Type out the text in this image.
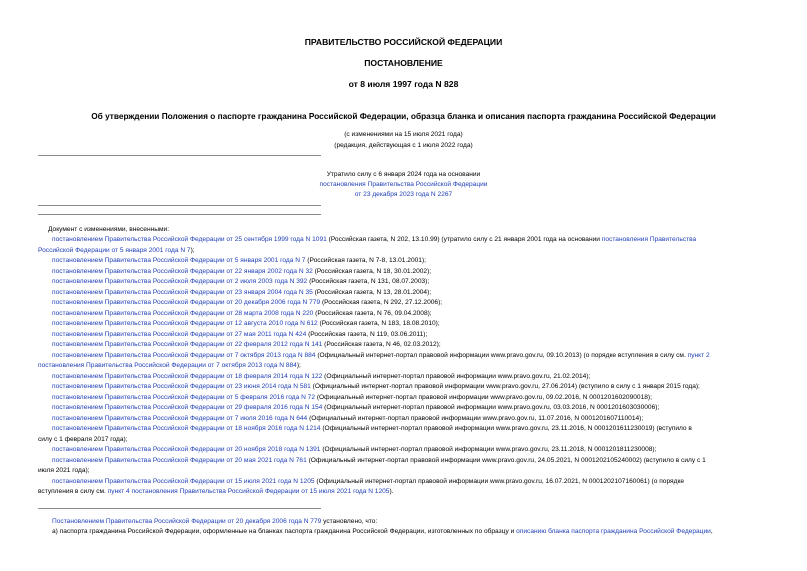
ПРАВИТЕЛЬСТВО РОССИЙСКОЙ ФЕДЕРАЦИИ
ПОСТАНОВЛЕНИЕ
от 8 июля 1997 года N 828
Об утверждении Положения о паспорте гражданина Российской Федерации, образца бланка и описания паспорта гражданина Российской Федерации
(с изменениями на 15 июля 2021 года)
(редакция, действующая с 1 июля 2022 года)
Утратило силу с 6 января 2024 года на основании
постановления Правительства Российской Федерации
от 23 декабря 2023 года N 2267
Документ с изменениями, внесенными:
постановлением Правительства Российской Федерации от 25 сентября 1999 года N 1091 (Российская газета, N 202, 13.10.99) (утратило силу с 21 января 2001 года на основании постановления Правительства
Российской Федерации от 5 января 2001 года N 7);
постановлением Правительства Российской Федерации от 5 января 2001 года N 7 (Российская газета, N 7-8, 13.01.2001);
постановлением Правительства Российской Федерации от 22 января 2002 года N 32 (Российская газета, N 18, 30.01.2002);
постановлением Правительства Российской Федерации от 2 июля 2003 года N 392 (Российская газета, N 131, 08.07.2003);
постановлением Правительства Российской Федерации от 23 января 2004 года N 35 (Российская газета, N 13, 28.01.2004);
постановлением Правительства Российской Федерации от 20 декабря 2006 года N 779 (Российская газета, N 292, 27.12.2006);
постановлением Правительства Российской Федерации от 28 марта 2008 года N 220 (Российская газета, N 76, 09.04.2008);
постановлением Правительства Российской Федерации от 12 августа 2010 года N 612 (Российская газета, N 183, 18.08.2010);
постановлением Правительства Российской Федерации от 27 мая 2011 года N 424 (Российская газета, N 119, 03.06.2011);
постановлением Правительства Российской Федерации от 22 февраля 2012 года N 141 (Российская газета, N 46, 02.03.2012);
постановлением Правительства Российской Федерации от 7 октября 2013 года N 884 (Официальный интернет-портал правовой информации www.pravo.gov.ru, 09.10.2013) (о порядке вступления в силу см. пункт 2
постановления Правительства Российской Федерации от 7 октября 2013 года N 884);
постановлением Правительства Российской Федерации от 18 февраля 2014 года N 122 (Официальный интернет-портал правовой информации www.pravo.gov.ru, 21.02.2014);
постановлением Правительства Российской Федерации от 23 июня 2014 года N 581 (Официальный интернет-портал правовой информации www.pravo.gov.ru, 27.06.2014) (вступило в силу с 1 января 2015 года);
постановлением Правительства Российской Федерации от 5 февраля 2016 года N 72 (Официальный интернет-портал правовой информации www.pravo.gov.ru, 09.02.2016, N 0001201602090018);
постановлением Правительства Российской Федерации от 29 февраля 2016 года N 154 (Официальный интернет-портал правовой информации www.pravo.gov.ru, 03.03.2016, N 0001201603030006);
постановлением Правительства Российской Федерации от 7 июля 2016 года N 644 (Официальный интернет-портал правовой информации www.pravo.gov.ru, 11.07.2016, N 0001201607110014);
постановлением Правительства Российской Федерации от 18 ноября 2016 года N 1214 (Официальный интернет-портал правовой информации www.pravo.gov.ru, 23.11.2016, N 0001201611230019) (вступило в
силу с 1 февраля 2017 года);
постановлением Правительства Российской Федерации от 20 ноября 2018 года N 1391 (Официальный интернет-портал правовой информации www.pravo.gov.ru, 23.11.2018, N 0001201811230008);
постановлением Правительства Российской Федерации от 20 мая 2021 года N 761 (Официальный интернет-портал правовой информации www.pravo.gov.ru, 24.05.2021, N 0001202105240002) (вступило в силу с 1
июля 2021 года);
постановлением Правительства Российской Федерации от 15 июля 2021 года N 1205 (Официальный интернет-портал правовой информации www.pravo.gov.ru, 16.07.2021, N 0001202107160061) (о порядке
вступления в силу см. пункт 4 постановления Правительства Российской Федерации от 15 июля 2021 года N 1205).
Постановлением Правительства Российской Федерации от 20 декабря 2006 года N 779 установлено, что:
а) паспорта гражданина Российской Федерации, оформленные на бланках паспорта гражданина Российской Федерации, изготовленных по образцу и описанию бланка паспорта гражданина Российской Федерации,
